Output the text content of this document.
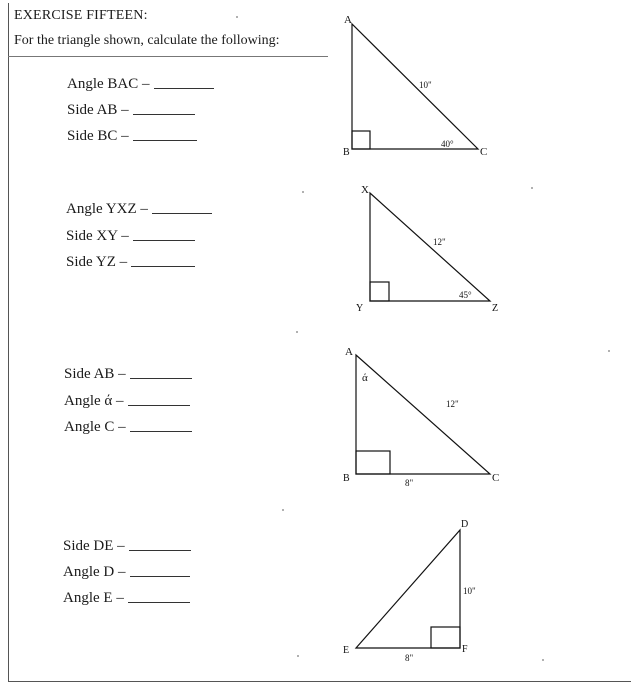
EXERCISE FIFTEEN:
For the triangle shown, calculate the following:
Angle BAC –
Side AB –
Side BC –
Angle YXZ –
Side XY –
Side YZ –
Side AB –
Angle ά –
Angle C –
Side DE –
Angle D –
Angle E –
A
B	C
10"
40°
X
Y	Z
12"
45°
A
B	C
ά
12"
8"
D
E	F
10"
8"
